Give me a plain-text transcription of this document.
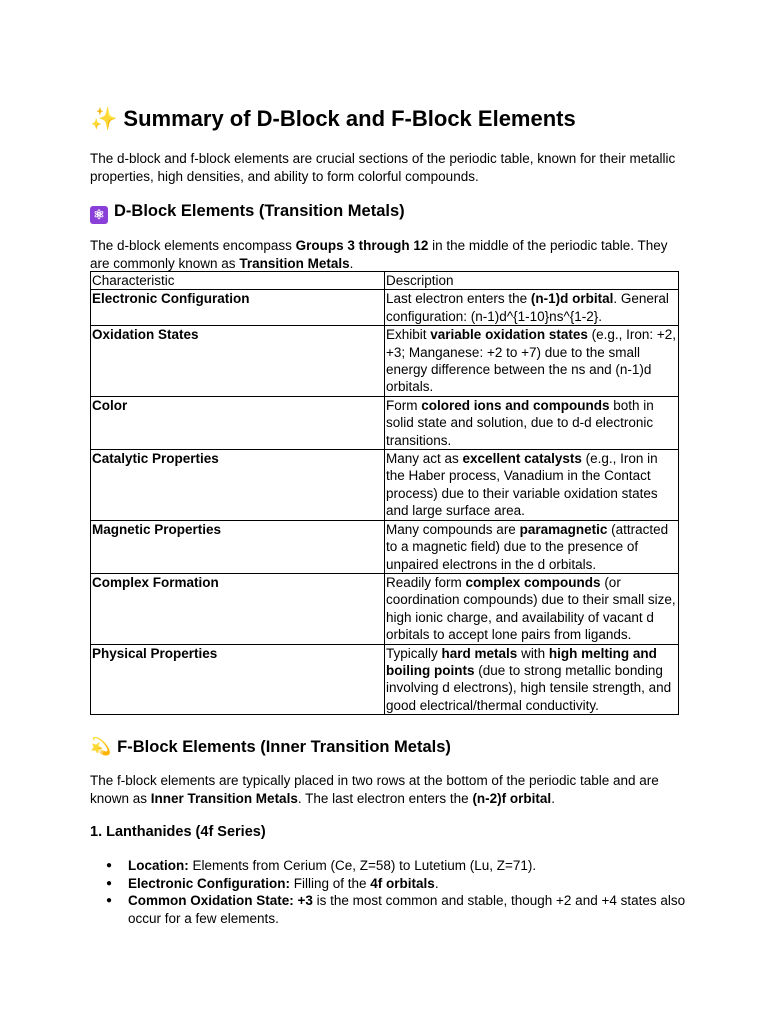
✨ Summary of D-Block and F-Block Elements

The d-block and f-block elements are crucial sections of the periodic table, known for their metallic properties, high densities, and ability to form colorful compounds.

⚛ D-Block Elements (Transition Metals)

The d-block elements encompass Groups 3 through 12 in the middle of the periodic table. They are commonly known as Transition Metals.

Characteristic	Description
Electronic Configuration	Last electron enters the (n-1)d orbital. General configuration: (n-1)d^{1-10}ns^{1-2}.
Oxidation States	Exhibit variable oxidation states (e.g., Iron: +2, +3; Manganese: +2 to +7) due to the small energy difference between the ns and (n-1)d orbitals.
Color	Form colored ions and compounds both in solid state and solution, due to d-d electronic transitions.
Catalytic Properties	Many act as excellent catalysts (e.g., Iron in the Haber process, Vanadium in the Contact process) due to their variable oxidation states and large surface area.
Magnetic Properties	Many compounds are paramagnetic (attracted to a magnetic field) due to the presence of unpaired electrons in the d orbitals.
Complex Formation	Readily form complex compounds (or coordination compounds) due to their small size, high ionic charge, and availability of vacant d orbitals to accept lone pairs from ligands.
Physical Properties	Typically hard metals with high melting and boiling points (due to strong metallic bonding involving d electrons), high tensile strength, and good electrical/thermal conductivity.
💫 F-Block Elements (Inner Transition Metals)

The f-block elements are typically placed in two rows at the bottom of the periodic table and are known as Inner Transition Metals. The last electron enters the (n-2)f orbital.

1. Lanthanides (4f Series)
● Location: Elements from Cerium (Ce, Z=58) to Lutetium (Lu, Z=71).
● Electronic Configuration: Filling of the 4f orbitals.
● Common Oxidation State: +3 is the most common and stable, though +2 and +4 states also occur for a few elements.
